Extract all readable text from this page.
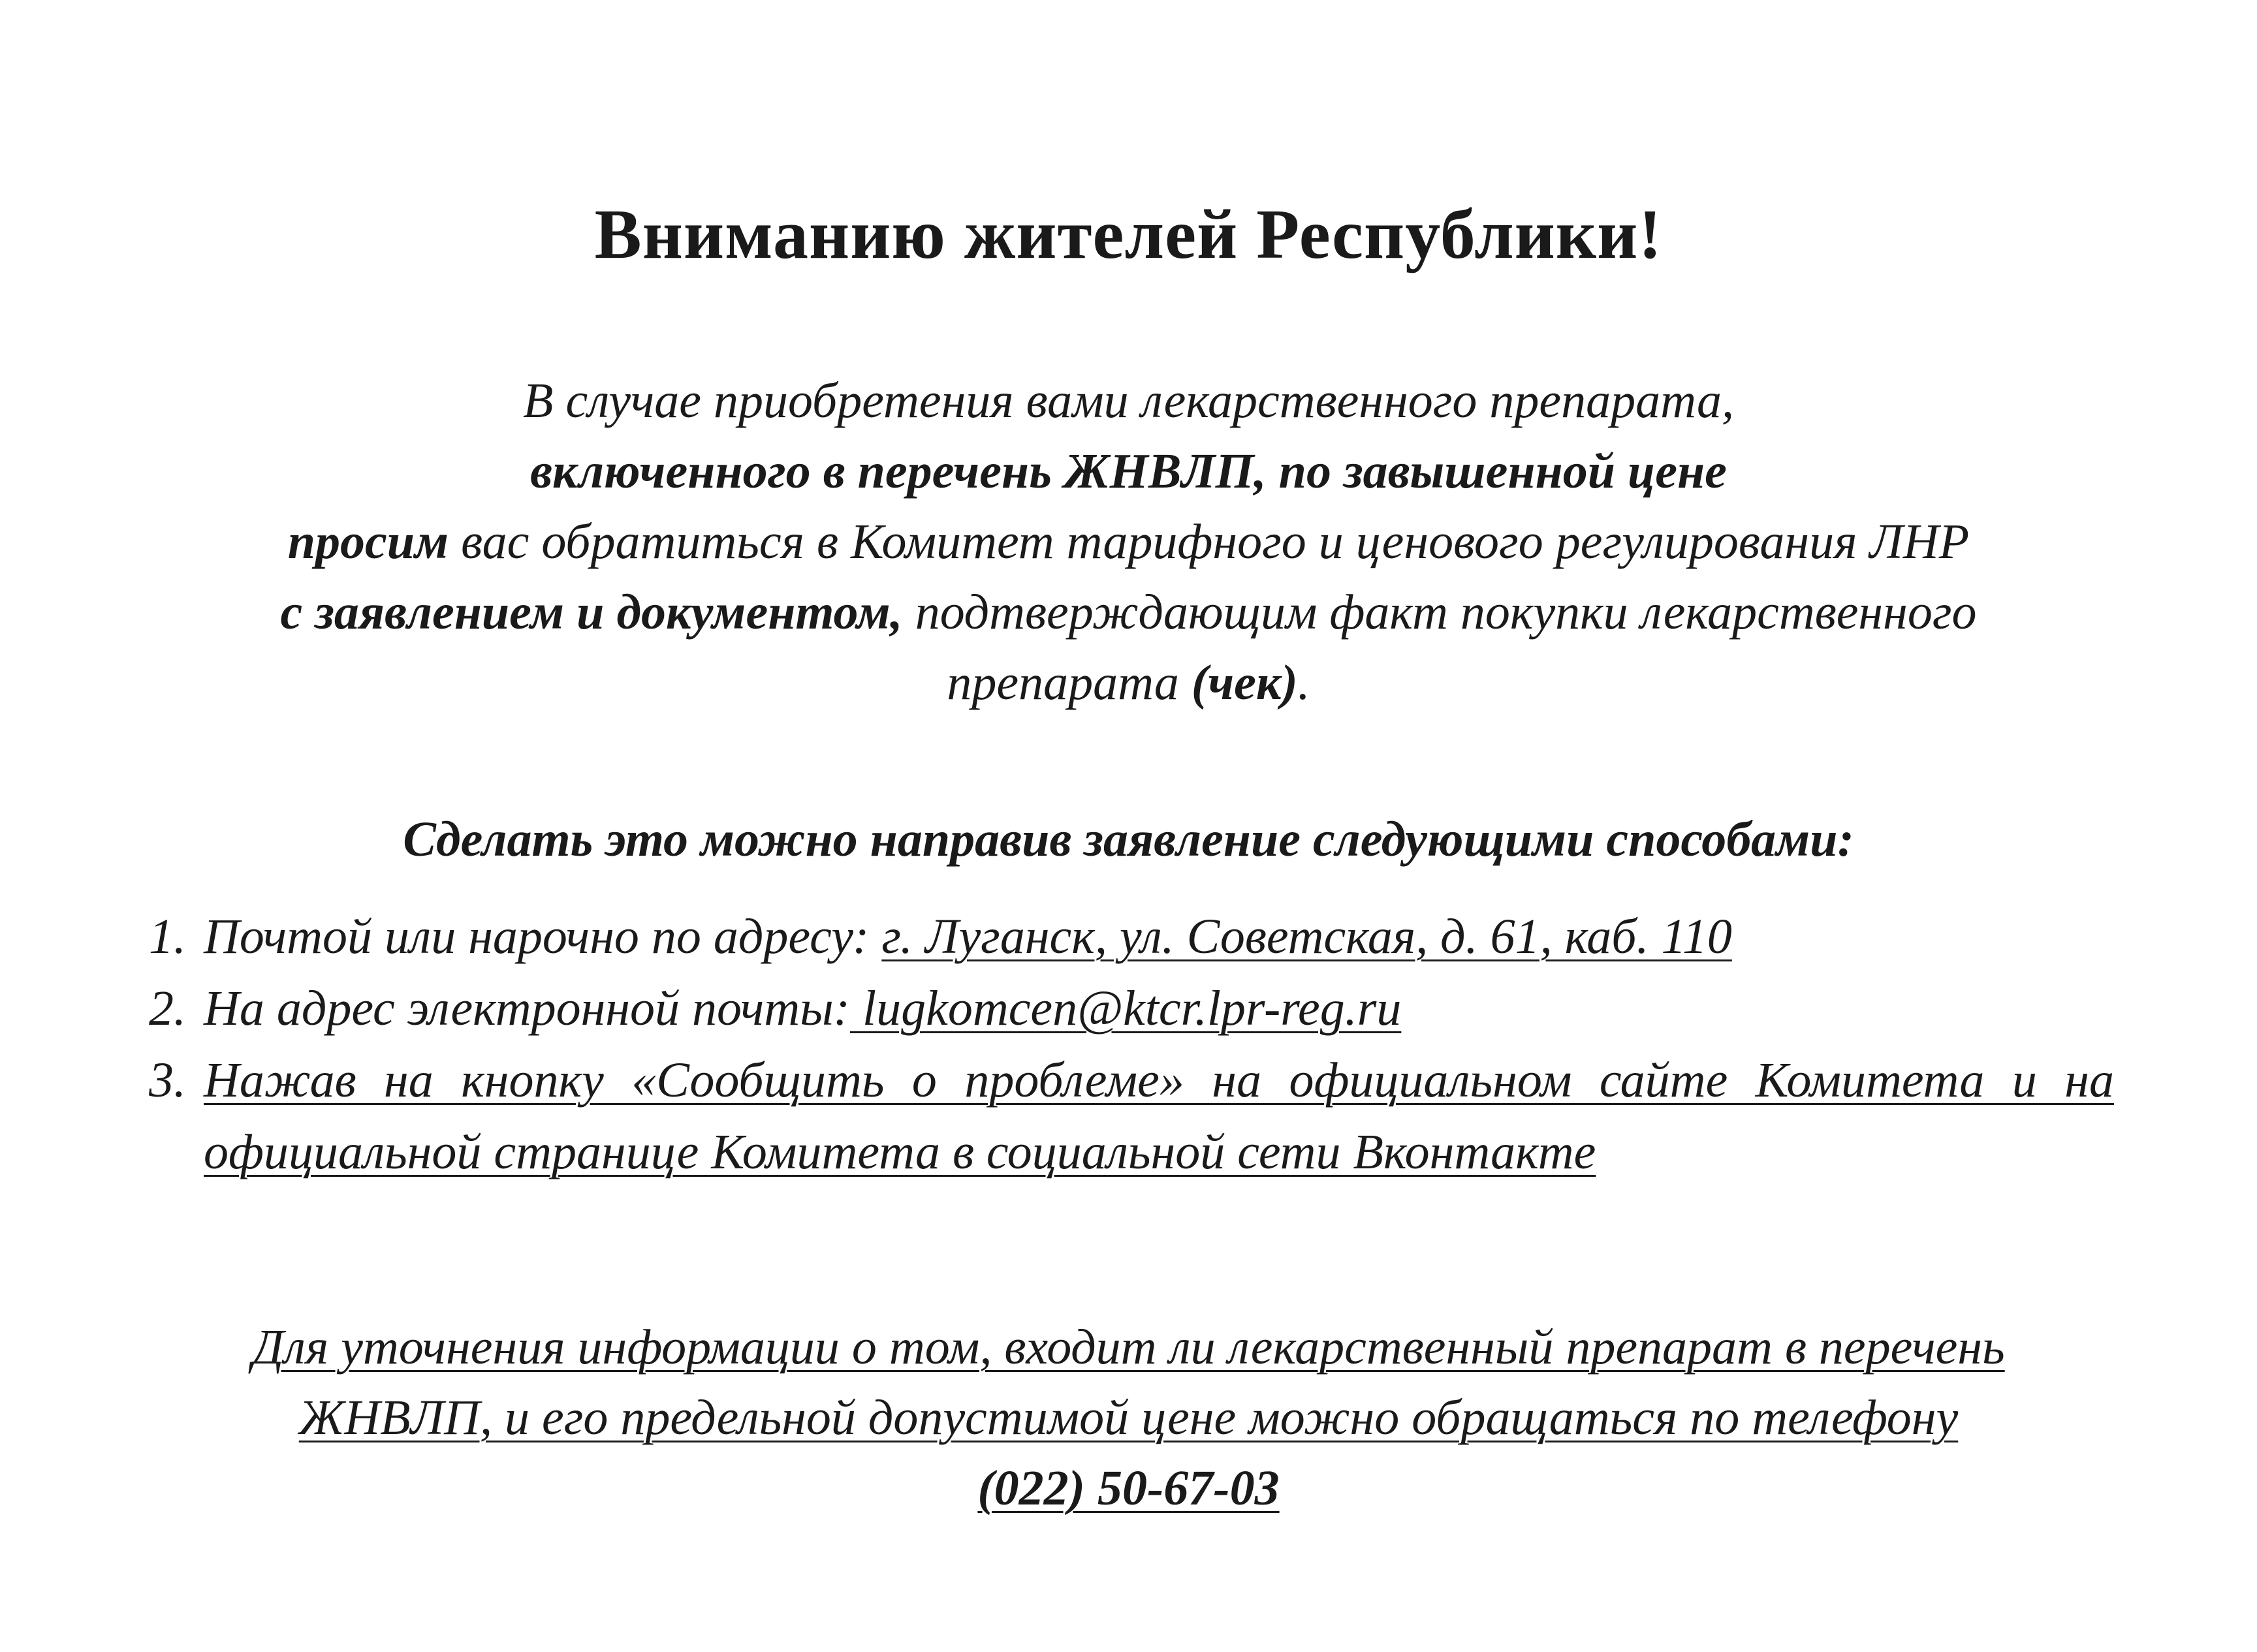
Вниманию жителей Республики!
В случае приобретения вами лекарственного препарата,
включенного в перечень ЖНВЛП, по завышенной цене
просим вас обратиться в Комитет тарифного и ценового регулирования ЛНР
с заявлением и документом, подтверждающим факт покупки лекарственного
препарата (чек).
Сделать это можно направив заявление следующими способами:
1. Почтой или нарочно по адресу: г. Луганск, ул. Советская, д. 61, каб. 110
2. На адрес электронной почты: lugkomcen@ktcr.lpr-reg.ru
3. Нажав на кнопку «Сообщить о проблеме» на официальном сайте Комитета и на официальной странице Комитета в социальной сети Вконтакте
Для уточнения информации о том, входит ли лекарственный препарат в перечень
ЖНВЛП, и его предельной допустимой цене можно обращаться по телефону
(022) 50-67-03
